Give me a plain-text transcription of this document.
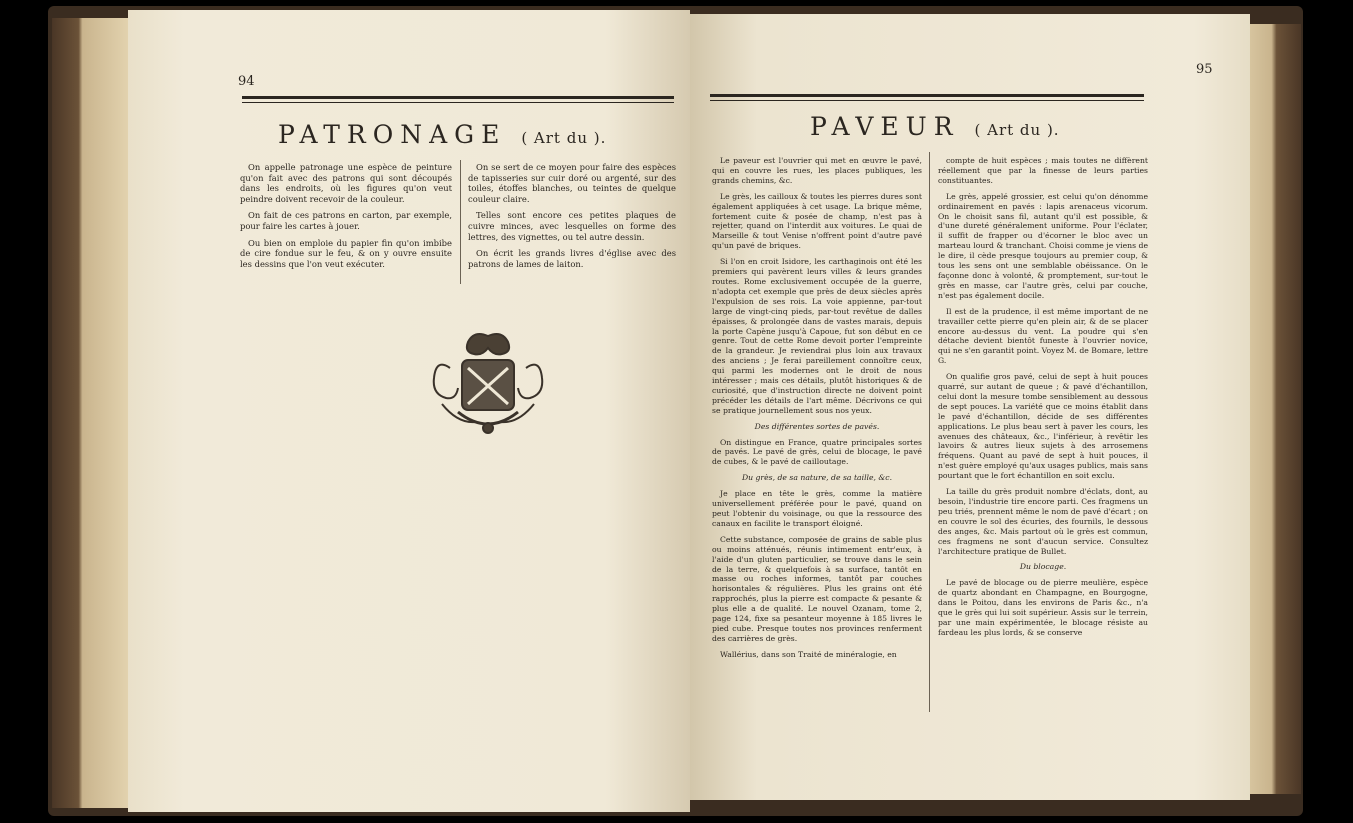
94
PATRONAGE ( Art du ).

On appelle patronage une espèce de peinture qu'on fait avec des patrons qui sont découpés dans les endroits, où les figures qu'on veut peindre doivent recevoir de la couleur.

On fait de ces patrons en carton, par exemple, pour faire les cartes à jouer.

Ou bien on emploie du papier fin qu'on imbibe de cire fondue sur le feu, & on y ouvre ensuite les dessins que l'on veut exécuter.

On se sert de ce moyen pour faire des espèces de tapisseries sur cuir doré ou argenté, sur des toiles, étoffes blanches, ou teintes de quelque couleur claire.

Telles sont encore ces petites plaques de cuivre minces, avec lesquelles on forme des lettres, des vignettes, ou tel autre dessin.

On écrit les grands livres d'église avec des patrons de lames de laiton.

95
PAVEUR ( Art du ).

Le paveur est l'ouvrier qui met en œuvre le pavé, qui en couvre les rues, les places publiques, les grands chemins, &c.

Le grès, les cailloux & toutes les pierres dures sont également appliquées à cet usage. La brique même, fortement cuite & posée de champ, n'est pas à rejetter, quand on l'interdit aux voitures. Le quai de Marseille & tout Venise n'offrent point d'autre pavé qu'un pavé de briques.

Si l'on en croit Isidore, les carthaginois ont été les premiers qui pavèrent leurs villes & leurs grandes routes. Rome exclusivement occupée de la guerre, n'adopta cet exemple que près de deux siècles après l'expulsion de ses rois. La voie appienne, par-tout large de vingt-cinq pieds, par-tout revêtue de dalles épaisses, & prolongée dans de vastes marais, depuis la porte Capène jusqu'à Capoue, fut son début en ce genre. Tout de cette Rome devoit porter l'empreinte de la grandeur. Je reviendrai plus loin aux travaux des anciens ; Je ferai pareillement connoître ceux, qui parmi les modernes ont le droit de nous intéresser ; mais ces détails, plutôt historiques & de curiosité, que d'instruction directe ne doivent point précéder les détails de l'art même. Décrivons ce qui se pratique journellement sous nos yeux.

Des différentes sortes de pavés.

On distingue en France, quatre principales sortes de pavés. Le pavé de grès, celui de blocage, le pavé de cubes, & le pavé de cailloutage.

Du grès, de sa nature, de sa taille, &c.

Je place en tête le grès, comme la matière universellement préférée pour le pavé, quand on peut l'obtenir du voisinage, ou que la ressource des canaux en facilite le transport éloigné.

Cette substance, composée de grains de sable plus ou moins atténués, réunis intimement entr'eux, à l'aide d'un gluten particulier, se trouve dans le sein de la terre, & quelquefois à sa surface, tantôt en masse ou roches informes, tantôt par couches horisontales & régulières. Plus les grains ont été rapprochés, plus la pierre est compacte & pesante & plus elle a de qualité. Le nouvel Ozanam, tome 2, page 124, fixe sa pesanteur moyenne à 185 livres le pied cube. Presque toutes nos provinces renferment des carrières de grès.

Wallérius, dans son Traité de minéralogie, en

compte de huit espèces ; mais toutes ne diffèrent réellement que par la finesse de leurs parties constituantes.

Le grès, appelé grossier, est celui qu'on dénomme ordinairement en pavés : lapis arenaceus vicorum. On le choisit sans fil, autant qu'il est possible, & d'une dureté généralement uniforme. Pour l'éclater, il suffit de frapper ou d'écorner le bloc avec un marteau lourd & tranchant. Choisi comme je viens de le dire, il cède presque toujours au premier coup, & tous les sens ont une semblable obéissance. On le façonne donc à volonté, & promptement, sur-tout le grès en masse, car l'autre grès, celui par couche, n'est pas également docile.

Il est de la prudence, il est même important de ne travailler cette pierre qu'en plein air, & de se placer encore au-dessus du vent. La poudre qui s'en détache devient bientôt funeste à l'ouvrier novice, qui ne s'en garantit point. Voyez M. de Bomare, lettre G.

On qualifie gros pavé, celui de sept à huit pouces quarré, sur autant de queue ; & pavé d'échantillon, celui dont la mesure tombe sensiblement au dessous de sept pouces. La variété que ce moins établit dans le pavé d'échantillon, décide de ses différentes applications. Le plus beau sert à paver les cours, les avenues des châteaux, &c., l'inférieur, à revêtir les lavoirs & autres lieux sujets à des arrosemens fréquens. Quant au pavé de sept à huit pouces, il n'est guère employé qu'aux usages publics, mais sans pourtant que le fort échantillon en soit exclu.

La taille du grès produit nombre d'éclats, dont, au besoin, l'industrie tire encore parti. Ces fragmens un peu triés, prennent même le nom de pavé d'écart ; on en couvre le sol des écuries, des fournils, le dessous des anges, &c. Mais partout où le grès est commun, ces fragmens ne sont d'aucun service. Consultez l'architecture pratique de Bullet.

Du blocage.

Le pavé de blocage ou de pierre meulière, espèce de quartz abondant en Champagne, en Bourgogne, dans le Poitou, dans les environs de Paris &c., n'a que le grès qui lui soit supérieur. Assis sur le terrein, par une main expérimentée, le blocage résiste au fardeau les plus lords, & se conserve
